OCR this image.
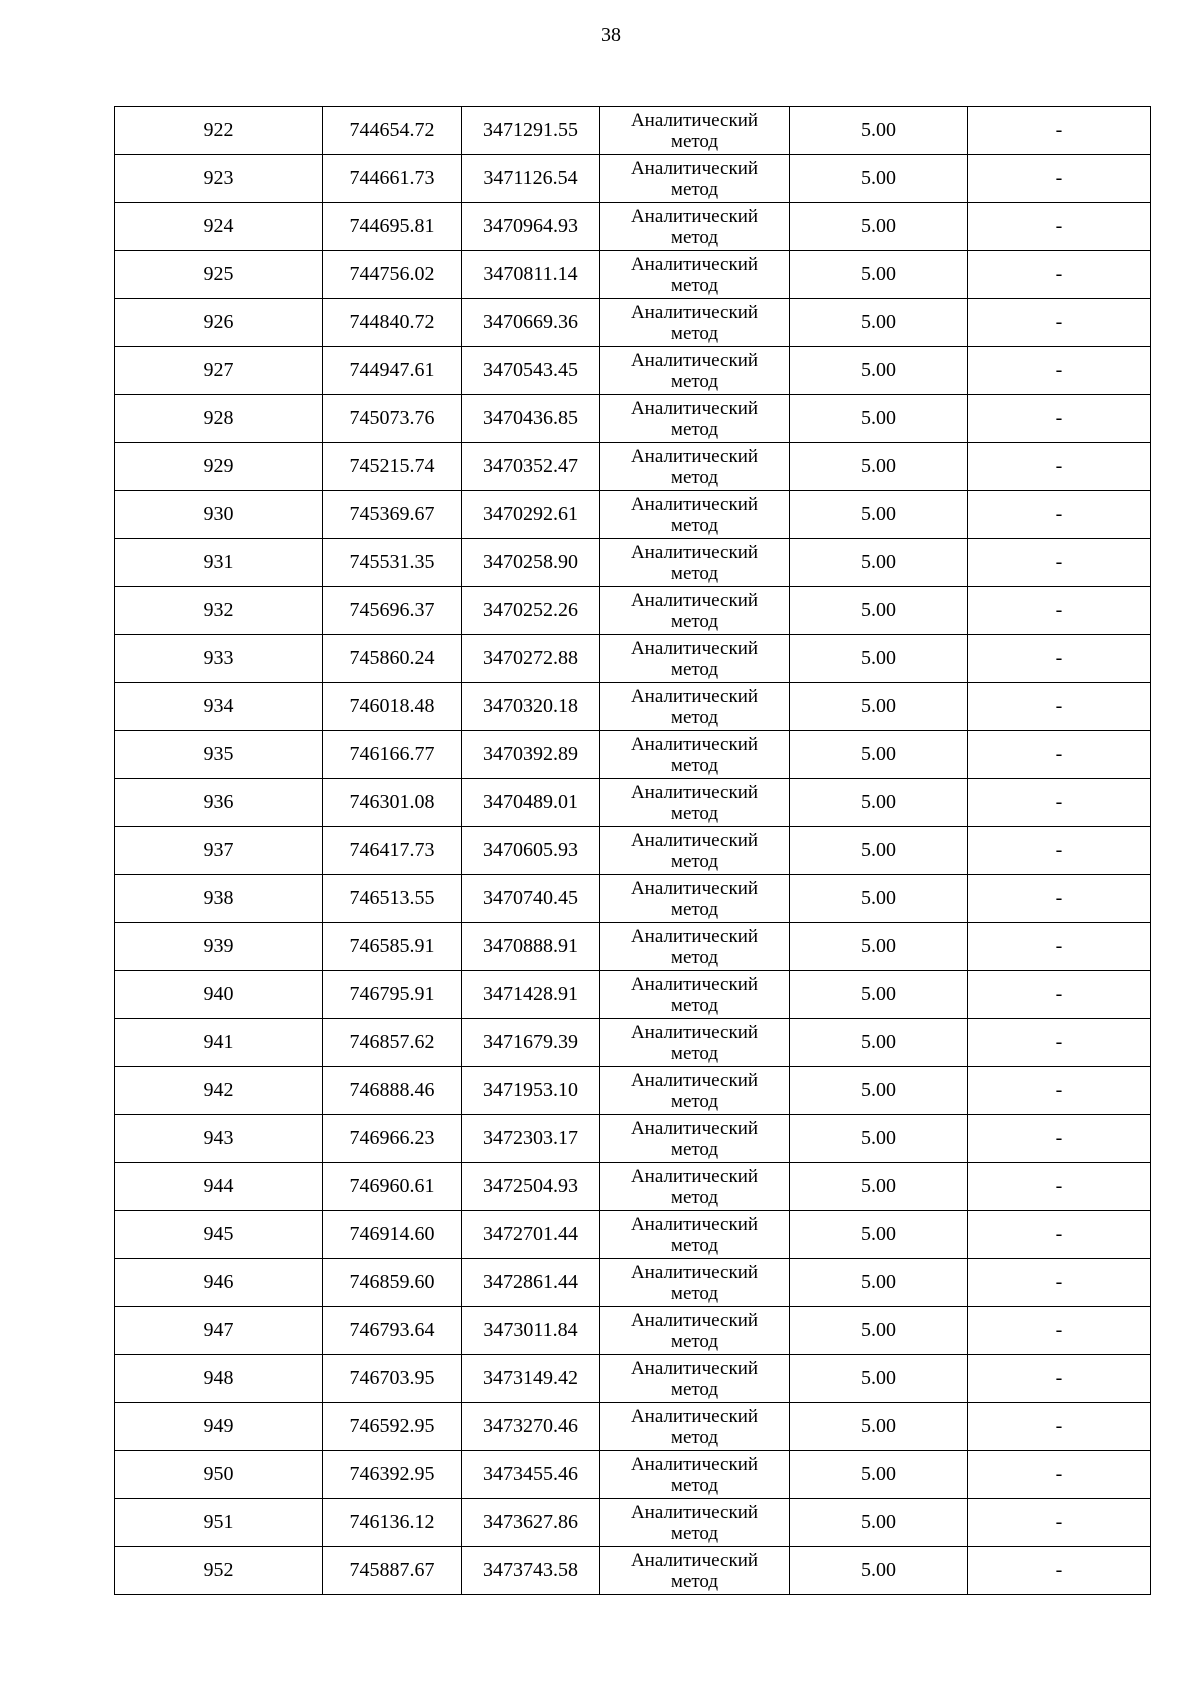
38
922	744654.72	3471291.55	Аналитический
метод	5.00	-
923	744661.73	3471126.54	Аналитический
метод	5.00	-
924	744695.81	3470964.93	Аналитический
метод	5.00	-
925	744756.02	3470811.14	Аналитический
метод	5.00	-
926	744840.72	3470669.36	Аналитический
метод	5.00	-
927	744947.61	3470543.45	Аналитический
метод	5.00	-
928	745073.76	3470436.85	Аналитический
метод	5.00	-
929	745215.74	3470352.47	Аналитический
метод	5.00	-
930	745369.67	3470292.61	Аналитический
метод	5.00	-
931	745531.35	3470258.90	Аналитический
метод	5.00	-
932	745696.37	3470252.26	Аналитический
метод	5.00	-
933	745860.24	3470272.88	Аналитический
метод	5.00	-
934	746018.48	3470320.18	Аналитический
метод	5.00	-
935	746166.77	3470392.89	Аналитический
метод	5.00	-
936	746301.08	3470489.01	Аналитический
метод	5.00	-
937	746417.73	3470605.93	Аналитический
метод	5.00	-
938	746513.55	3470740.45	Аналитический
метод	5.00	-
939	746585.91	3470888.91	Аналитический
метод	5.00	-
940	746795.91	3471428.91	Аналитический
метод	5.00	-
941	746857.62	3471679.39	Аналитический
метод	5.00	-
942	746888.46	3471953.10	Аналитический
метод	5.00	-
943	746966.23	3472303.17	Аналитический
метод	5.00	-
944	746960.61	3472504.93	Аналитический
метод	5.00	-
945	746914.60	3472701.44	Аналитический
метод	5.00	-
946	746859.60	3472861.44	Аналитический
метод	5.00	-
947	746793.64	3473011.84	Аналитический
метод	5.00	-
948	746703.95	3473149.42	Аналитический
метод	5.00	-
949	746592.95	3473270.46	Аналитический
метод	5.00	-
950	746392.95	3473455.46	Аналитический
метод	5.00	-
951	746136.12	3473627.86	Аналитический
метод	5.00	-
952	745887.67	3473743.58	Аналитический
метод	5.00	-
